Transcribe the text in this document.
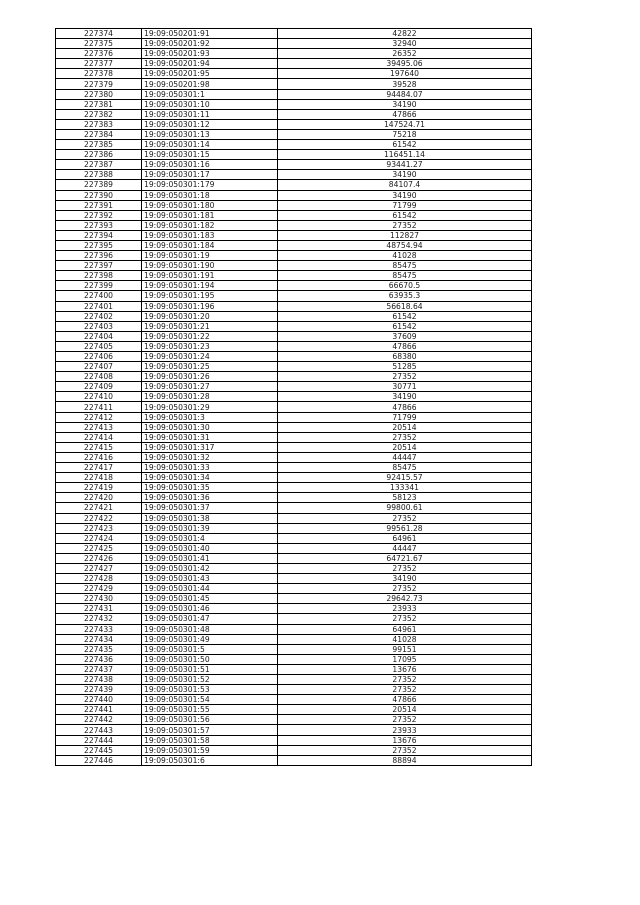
227374	19:09:050201:91	42822
227375	19:09:050201:92	32940
227376	19:09:050201:93	26352
227377	19:09:050201:94	39495.06
227378	19:09:050201:95	197640
227379	19:09:050201:98	39528
227380	19:09:050301:1	94484.07
227381	19:09:050301:10	34190
227382	19:09:050301:11	47866
227383	19:09:050301:12	147524.71
227384	19:09:050301:13	75218
227385	19:09:050301:14	61542
227386	19:09:050301:15	116451.14
227387	19:09:050301:16	93441.27
227388	19:09:050301:17	34190
227389	19:09:050301:179	84107.4
227390	19:09:050301:18	34190
227391	19:09:050301:180	71799
227392	19:09:050301:181	61542
227393	19:09:050301:182	27352
227394	19:09:050301:183	112827
227395	19:09:050301:184	48754.94
227396	19:09:050301:19	41028
227397	19:09:050301:190	85475
227398	19:09:050301:191	85475
227399	19:09:050301:194	66670.5
227400	19:09:050301:195	63935.3
227401	19:09:050301:196	56618.64
227402	19:09:050301:20	61542
227403	19:09:050301:21	61542
227404	19:09:050301:22	37609
227405	19:09:050301:23	47866
227406	19:09:050301:24	68380
227407	19:09:050301:25	51285
227408	19:09:050301:26	27352
227409	19:09:050301:27	30771
227410	19:09:050301:28	34190
227411	19:09:050301:29	47866
227412	19:09:050301:3	71799
227413	19:09:050301:30	20514
227414	19:09:050301:31	27352
227415	19:09:050301:317	20514
227416	19:09:050301:32	44447
227417	19:09:050301:33	85475
227418	19:09:050301:34	92415.57
227419	19:09:050301:35	133341
227420	19:09:050301:36	58123
227421	19:09:050301:37	99800.61
227422	19:09:050301:38	27352
227423	19:09:050301:39	99561.28
227424	19:09:050301:4	64961
227425	19:09:050301:40	44447
227426	19:09:050301:41	64721.67
227427	19:09:050301:42	27352
227428	19:09:050301:43	34190
227429	19:09:050301:44	27352
227430	19:09:050301:45	29642.73
227431	19:09:050301:46	23933
227432	19:09:050301:47	27352
227433	19:09:050301:48	64961
227434	19:09:050301:49	41028
227435	19:09:050301:5	99151
227436	19:09:050301:50	17095
227437	19:09:050301:51	13676
227438	19:09:050301:52	27352
227439	19:09:050301:53	27352
227440	19:09:050301:54	47866
227441	19:09:050301:55	20514
227442	19:09:050301:56	27352
227443	19:09:050301:57	23933
227444	19:09:050301:58	13676
227445	19:09:050301:59	27352
227446	19:09:050301:6	88894
